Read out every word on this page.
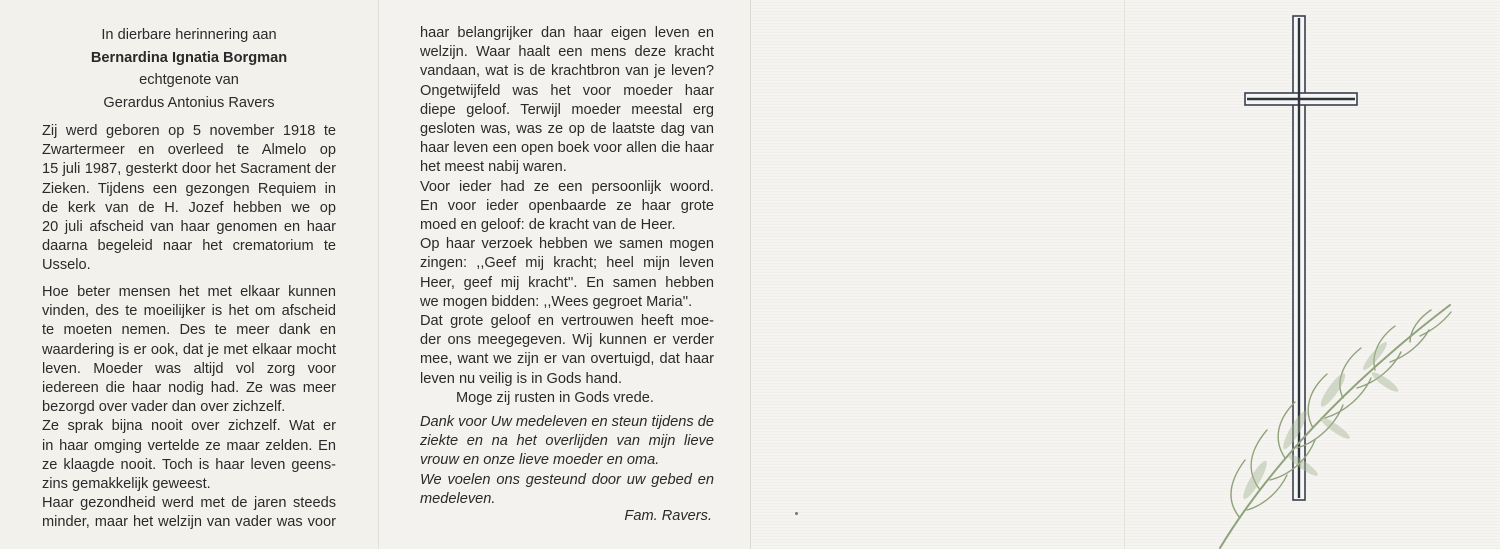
In dierbare herinnering aan
Bernardina Ignatia Borgman
echtgenote van
Gerardus Antonius Ravers
Zij werd geboren op 5 november 1918 te
Zwartermeer en overleed te Almelo op
15 juli 1987, gesterkt door het Sacrament der
Zieken. Tijdens een gezongen Requiem in
de kerk van de H. Jozef hebben we op
20 juli afscheid van haar genomen en haar
daarna begeleid naar het crematorium te
Usselo.
Hoe beter mensen het met elkaar kunnen
vinden, des te moeilijker is het om afscheid
te moeten nemen. Des te meer dank en
waardering is er ook, dat je met elkaar mocht
leven. Moeder was altijd vol zorg voor
iedereen die haar nodig had. Ze was meer
bezorgd over vader dan over zichzelf.
Ze sprak bijna nooit over zichzelf. Wat er
in haar omging vertelde ze maar zelden. En
ze klaagde nooit. Toch is haar leven geens-
zins gemakkelijk geweest.
Haar gezondheid werd met de jaren steeds
minder, maar het welzijn van vader was voor
haar belangrijker dan haar eigen leven en
welzijn. Waar haalt een mens deze kracht
vandaan, wat is de krachtbron van je leven?
Ongetwijfeld was het voor moeder haar
diepe geloof. Terwijl moeder meestal erg
gesloten was, was ze op de laatste dag van
haar leven een open boek voor allen die haar
het meest nabij waren.
Voor ieder had ze een persoonlijk woord.
En voor ieder openbaarde ze haar grote
moed en geloof: de kracht van de Heer.
Op haar verzoek hebben we samen mogen
zingen: ,,Geef mij kracht; heel mijn leven
Heer, geef mij kracht''. En samen hebben
we mogen bidden: ,,Wees gegroet Maria''.
Dat grote geloof en vertrouwen heeft moe-
der ons meegegeven. Wij kunnen er verder
mee, want we zijn er van overtuigd, dat haar
leven nu veilig is in Gods hand.
Moge zij rusten in Gods vrede.
Dank voor Uw medeleven en steun tijdens de
ziekte en na het overlijden van mijn lieve
vrouw en onze lieve moeder en oma.
We voelen ons gesteund door uw gebed en
medeleven.
Fam. Ravers.
